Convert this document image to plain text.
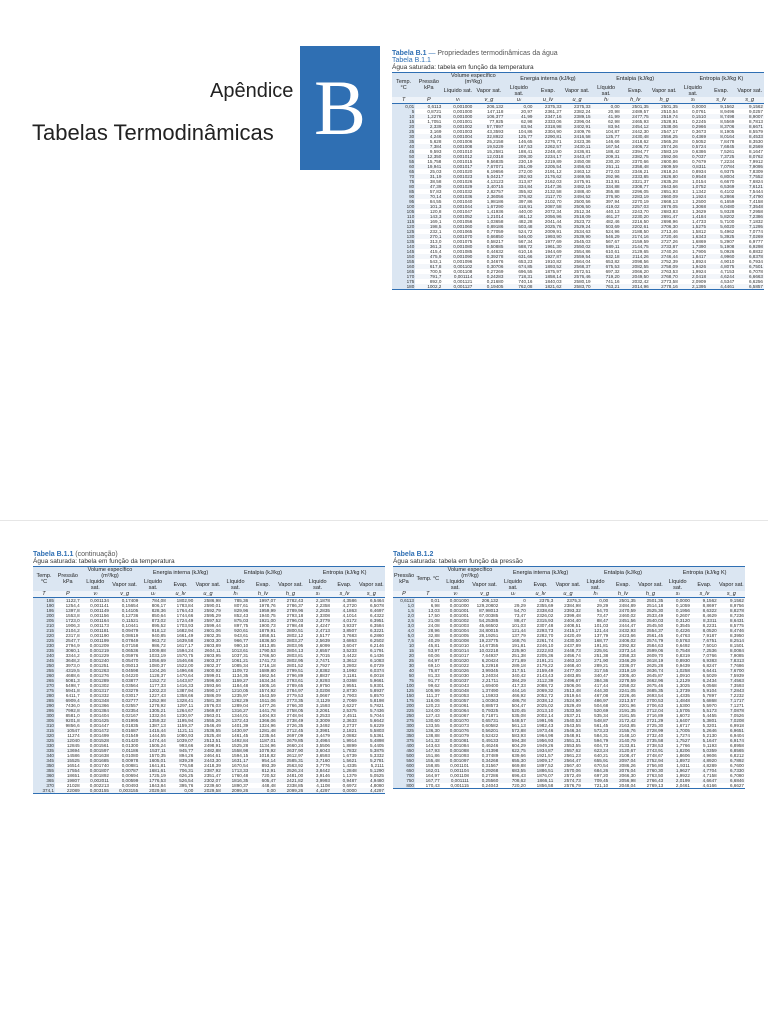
Apêndice B
Tabelas Termodinâmicas
Tabela B.1 — Propriedades termodinâmicas da água
Tabela B.1.1
Água saturada: tabela em função da temperatura
Temp. °C	Pressão kPa	Volume específico (m³/kg)		Energia interna (kJ/kg)			Entalpia (kJ/kg)			Entropia (kJ/kg K)		
		Líquido sat.	Vapor sat.	Líquido sat.	Evap.	Vapor sat.	Líquido sat.	Evap.	Vapor sat.	Líquido sat.	Evap.	Vapor sat.
T	P	vₗ	v_g	uₗ	u_lv	u_g	hₗ	h_lv	h_g	sₗ	s_lv	s_g
0,01	0,6113	0,001000	206,132	0,00	2375,33	2375,33	0,00	2501,35	2501,35	0,0000	9,1562	9,1562
5	0,8721	0,001000	147,118	20,97	2361,27	2382,24	20,98	2489,57	2510,54	0,0761	8,9496	9,0257
10	1,2276	0,001000	106,377	41,99	2347,16	2389,15	41,99	2477,75	2519,74	0,1510	8,7498	8,9007
15	1,7051	0,001001	77,925	62,98	2333,06	2396,04	62,98	2465,93	2528,91	0,2245	8,5569	8,7813
20	2,339	0,001002	57,7897	83,94	2318,98	2402,91	83,94	2454,12	2538,06	0,2966	8,3706	8,6671
25	3,169	0,001003	43,3593	104,86	2304,90	2409,76	104,87	2442,30	2547,17	0,3673	8,1905	8,5579
30	4,246	0,001004	32,8922	125,77	2290,81	2416,58	125,77	2430,48	2556,25	0,4369	8,0164	8,4533
35	5,628	0,001006	25,2158	146,65	2276,71	2423,36	146,66	2418,62	2565,28	0,5052	7,8478	8,3530
40	7,384	0,001008	19,5229	167,53	2262,57	2430,11	167,54	2406,72	2574,26	0,5724	7,6845	8,2569
45	9,593	0,001010	15,2581	188,41	2248,40	2436,81	188,42	2394,77	2583,19	0,6386	7,5261	8,1647
50	12,350	0,001012	12,0318	209,30	2234,17	2443,47	209,31	2382,75	2592,06	0,7037	7,3725	8,0762
55	15,758	0,001015	9,56835	230,19	2219,89	2450,08	230,20	2370,66	2600,86	0,7679	7,2234	7,9912
60	19,941	0,001017	7,67071	251,09	2205,54	2456,63	251,11	2358,48	2609,59	0,8311	7,0784	7,9095
65	25,03	0,001020	6,19656	272,00	2191,12	2463,12	272,03	2346,21	2618,24	0,8934	6,9375	7,8309
70	31,19	0,001023	5,04217	292,93	2176,62	2469,55	292,96	2333,85	2626,80	0,9548	6,8004	7,7552
75	38,58	0,001026	4,13123	313,87	2162,03	2475,91	313,91	2321,37	2635,28	1,0154	6,6670	7,6824
80	47,39	0,001029	3,40715	334,84	2147,36	2482,19	334,88	2308,77	2643,66	1,0752	6,5369	7,6121
85	57,83	0,001032	2,82757	355,82	2132,58	2488,40	355,88	2296,05	2651,93	1,1342	6,4102	7,5444
90	70,14	0,001036	2,36056	376,82	2117,70	2494,52	376,90	2283,19	2660,09	1,1924	6,2866	7,4790
95	84,55	0,001040	1,98186	397,86	2102,70	2500,56	397,94	2270,19	2668,13	1,2500	6,1659	7,4158
100	101,3	0,001044	1,67290	418,91	2087,58	2506,50	419,02	2257,03	2676,05	1,3068	6,0480	7,3548
105	120,8	0,001047	1,41936	440,00	2072,34	2512,34	440,13	2243,70	2683,83	1,3629	5,9328	7,2958
110	143,3	0,001052	1,21014	461,12	2056,96	2518,09	461,27	2230,20	2691,47	1,4184	5,8202	7,2386
115	169,1	0,001056	1,03658	482,28	2041,44	2523,72	482,46	2216,50	2698,96	1,4733	5,7100	7,1832
120	198,5	0,001060	0,89186	503,48	2025,76	2529,24	503,69	2202,61	2706,30	1,5275	5,6020	7,1295
125	232,1	0,001065	0,77059	524,72	2009,91	2534,63	524,96	2188,50	2713,46	1,5812	5,4962	7,0774
130	270,1	0,001070	0,66850	546,00	1993,90	2539,90	546,29	2174,16	2720,46	1,6343	5,3925	7,0269
135	313,0	0,001075	0,58217	567,34	1977,69	2545,03	567,67	2159,59	2727,26	1,6869	5,2907	6,9777
140	361,3	0,001080	0,50885	588,72	1961,30	2550,02	589,11	2144,75	2733,87	1,7390	5,1908	6,9298
145	415,4	0,001085	0,44632	610,16	1944,69	2554,86	610,61	2129,65	2740,26	1,7906	5,0926	6,8832
150	475,9	0,001090	0,39278	631,66	1927,87	2559,54	632,18	2114,26	2746,44	1,8417	4,9960	6,8378
155	543,1	0,001096	0,34676	653,23	1910,82	2564,04	653,82	2098,56	2752,39	1,8924	4,9010	6,7934
160	617,8	0,001102	0,30706	674,85	1893,52	2568,37	675,53	2082,55	2758,09	1,9426	4,8075	6,7501
165	700,5	0,001108	0,27269	696,55	1875,97	2572,51	697,32	2066,20	2763,53	1,9924	4,7153	6,7078
170	791,7	0,001114	0,24283	718,31	1858,14	2576,46	719,20	2049,50	2768,70	2,0418	4,6244	6,6663
175	892,0	0,001121	0,21680	740,16	1840,03	2580,19	741,16	2032,42	2773,58	2,0909	4,5347	6,6256
180	1002,2	0,001127	0,19405	762,08	1821,62	2583,70	763,21	2014,96	2778,16	2,1395	4,4461	6,5857
Tabela B.1.1 (continuação)
Água saturada: tabela em função da temperatura
Temp. °C	Pressão kPa	Volume específico (m³/kg)		Energia interna (kJ/kg)			Entalpia (kJ/kg)			Entropia (kJ/kg K)		
		Líquido sat.	Vapor sat.	Líquido sat.	Evap.	Vapor sat.	Líquido sat.	Evap.	Vapor sat.	Líquido sat.	Evap.	Vapor sat.
T	P	vₗ	v_g	uₗ	u_lv	u_g	hₗ	h_lv	h_g	sₗ	s_lv	s_g
185	1122,7	0,001134	0,17409	784,08	1802,90	2586,98	785,36	1997,07	2782,43	2,1878	4,3586	6,5464
190	1254,4	0,001141	0,15654	806,17	1783,84	2590,01	807,61	1978,76	2786,37	2,2358	4,2720	6,5078
195	1397,8	0,001149	0,14105	828,36	1764,43	2592,79	829,96	1959,99	2789,96	2,2835	4,1863	6,4697
200	1553,8	0,001156	0,12736	850,64	1744,66	2595,29	852,43	1940,75	2793,18	2,3308	4,1014	6,4322
205	1723,0	0,001164	0,11521	873,02	1724,49	2597,52	875,03	1921,00	2796,03	2,3779	4,0172	6,3951
210	1906,3	0,001173	0,10441	895,52	1703,93	2599,44	897,75	1900,73	2798,48	2,4247	3,9337	6,3584
215	2104,2	0,001181	0,09479	918,12	1682,94	2601,06	920,61	1879,91	2800,51	2,4713	3,8507	6,3221
220	2317,8	0,001190	0,08619	940,85	1661,49	2602,35	943,61	1858,51	2802,12	2,5177	3,7683	6,2860
225	2547,7	0,001199	0,07849	963,72	1639,58	2603,30	966,77	1836,50	2803,27	2,5639	3,6863	6,2502
230	2794,9	0,001209	0,07158	986,72	1617,17	2603,89	990,10	1813,85	2803,95	2,6099	3,6047	6,2146
235	3060,1	0,001219	0,06536	1009,88	1594,24	2604,11	1013,61	1790,53	2804,13	2,6557	3,5233	6,1791
240	3344,2	0,001229	0,05976	1033,19	1570,75	2603,95	1037,31	1766,50	2803,81	2,7015	3,4422	6,1436
245	3648,2	0,001240	0,05470	1056,69	1546,66	2603,37	1061,21	1741,73	2802,95	2,7471	3,3612	6,1083
250	3973,0	0,001251	0,05013	1080,37	1522,00	2602,37	1085,34	1716,18	2801,52	2,7927	3,2802	6,0729
255	4319,5	0,001263	0,04598	1104,26	1496,66	2600,92	1109,72	1689,80	2799,51	2,8382	3,1992	6,0374
260	4688,6	0,001276	0,04220	1128,37	1470,64	2599,01	1134,35	1662,54	2796,89	2,8837	3,1181	6,0018
265	5081,3	0,001289	0,03877	1152,72	1443,87	2596,60	1159,27	1634,34	2793,61	2,9293	3,0368	5,9661
270	5498,7	0,001302	0,03564	1177,33	1416,33	2593,66	1184,48	1605,16	2789,65	2,9750	2,9551	5,9301
275	5941,8	0,001317	0,03279	1202,23	1387,94	2590,17	1210,05	1574,92	2784,97	3,0208	2,8730	5,8937
280	6411,7	0,001332	0,03017	1227,43	1358,66	2586,09	1235,97	1543,59	2779,53	3,0667	2,7903	5,8570
285	6909,4	0,001348	0,02777	1252,98	1328,41	2581,38	1262,29	1511,06	2773,35	3,1129	2,7069	5,8198
290	7436,0	0,001366	0,02557	1278,92	1297,11	2576,03	1289,04	1477,26	2766,30	3,1593	2,6227	5,7821
295	7992,8	0,001384	0,02354	1305,21	1264,67	2569,87	1316,27	1441,78	2758,05	3,2061	2,5375	5,7436
300	8581,0	0,001404	0,02167	1332,04	1230,97	2563,01	1344,01	1404,93	2748,94	3,2533	2,4511	5,7044
305	9201,8	0,001425	0,01995	1359,32	1195,94	2555,26	1372,43	1366,06	2738,49	3,3009	2,3633	5,6642
310	9856,6	0,001447	0,01835	1387,13	1159,37	2546,49	1401,39	1324,96	2726,35	3,3492	2,2737	5,6229
315	10547	0,001472	0,01687	1415,44	1121,11	2536,55	1430,97	1281,48	2712,45	3,3981	2,1821	5,5803
320	11274	0,001499	0,01549	1444,55	1080,93	2525,48	1461,45	1235,64	2697,09	3,4479	2,0882	5,5361
325	12040	0,001528	0,01420	1474,44	1039,07	2513,51	1492,84	1187,01	2679,85	3,4984	1,9914	5,4898
330	12845	0,001561	0,01300	1505,24	993,66	2498,91	1525,28	1134,96	2660,24	3,5506	1,8899	5,4405
335	13694	0,001597	0,01186	1537,11	945,77	2482,88	1558,98	1078,92	2637,90	3,6043	1,7832	5,3875
340	14586	0,001638	0,01080	1570,35	894,26	2464,61	1594,15	1018,82	2612,97	3,6593	1,6739	5,3332
345	15525	0,001685	0,00978	1605,01	839,29	2443,30	1631,17	954,14	2585,31	3,7160	1,5621	5,2781
350	16514	0,001740	0,00881	1641,81	776,58	2418,39	1670,54	893,39	2563,92	3,7776	1,4335	5,2111
355	17554	0,001807	0,00787	1681,61	706,31	2387,92	1713,33	812,91	2526,24	3,8442	1,2848	5,1290
360	18651	0,001892	0,00694	1725,19	626,25	2351,47	1760,48	720,52	2481,00	3,9146	1,1379	5,0525
365	19807	0,002011	0,00599	1776,53	526,54	2302,07	1816,35	605,47	2421,82	3,9993	0,9487	4,9480
370	21028	0,002213	0,00493	1843,84	395,76	2239,60	1890,37	448,48	2338,85	4,1108	0,6972	4,8080
374,1	22089	0,003155	0,003155	2029,58	0,00	2029,58	2099,26	0,00	2099,26	4,4297	0,0000	4,4297
Tabela B.1.2
Água saturada: tabela em função da pressão
Pressão kPa	Temp. °C	Volume específico (m³/kg)		Energia interna (kJ/kg)			Entalpia (kJ/kg)			Entropia (kJ/kg K)		
		Líquido sat.	Vapor sat.	Líquido sat.	Evap.	Vapor sat.	Líquido sat.	Evap.	Vapor sat.	Líquido sat.	Evap.	Vapor sat.
P	T	vₗ	v_g	uₗ	u_lv	u_g	hₗ	h_lv	h_g	sₗ	s_lv	s_g
0,6113	0,01	0,001000	206,132	0	2375,3	2375,3	0,00	2501,35	2501,35	0,0000	9,1562	9,1562
1,0	6,98	0,001000	129,20802	29,29	2355,69	2384,98	29,29	2484,89	2514,18	0,1059	8,8697	8,9756
1,5	13,03	0,001001	87,98013	54,70	2338,63	2393,32	54,70	2470,59	2525,30	0,1956	8,6322	8,8278
2,0	17,50	0,001001	67,00385	73,47	2326,02	2399,48	73,47	2460,02	2533,49	0,2607	8,4629	8,7236
2,5	21,08	0,001002	54,25385	88,47	2315,93	2404,40	88,47	2451,56	2540,03	0,3120	8,3311	8,6431
3,0	24,08	0,001003	45,66502	101,03	2307,48	2408,51	101,03	2444,47	2545,50	0,3545	8,2231	8,5775
4,0	28,96	0,001004	34,80015	121,44	2293,73	2415,17	121,44	2432,93	2554,37	0,4226	8,0520	8,4746
5,0	32,88	0,001005	28,19251	137,79	2282,70	2420,49	137,79	2423,66	2561,45	0,4763	7,9187	8,3950
7,5	40,29	0,001008	19,23775	168,76	2261,74	2430,50	168,77	2406,02	2574,79	0,5763	7,6751	8,2514
10	45,81	0,001010	14,67355	191,81	2246,10	2437,89	191,81	2392,82	2584,63	0,6492	7,5010	8,1501
15	53,97	0,001014	10,02218	225,90	2222,83	2448,73	225,91	2373,14	2599,06	0,7548	7,2536	8,0084
20	60,06	0,001017	7,64937	251,38	2205,36	2456,74	251,38	2358,33	2609,70	0,8319	7,0766	7,9085
25	64,97	0,001020	6,20424	271,89	2191,21	2463,10	271,90	2346,29	2618,19	0,8930	6,9383	7,8313
30	69,10	0,001022	5,22918	289,18	2179,22	2468,40	289,21	2336,07	2625,28	0,9439	6,8247	7,7686
40	75,87	0,001026	3,99345	317,51	2159,49	2477,00	317,55	2319,19	2636,74	1,0258	6,6441	7,6700
50	81,33	0,001030	3,24034	340,42	2143,43	2483,85	340,47	2305,40	2645,87	1,0910	6,5029	7,5939
75	91,77	0,001037	2,21711	384,29	2112,39	2496,67	384,36	2278,59	2662,96	1,2129	6,2434	7,4563
100	99,62	0,001043	1,69400	417,33	2088,72	2506,06	417,44	2258,02	2675,46	1,3025	6,0568	7,3593
125	105,99	0,001048	1,37490	444,16	2069,32	2513,48	444,30	2241,05	2685,35	1,3739	5,9104	7,2843
150	111,37	0,001053	1,15933	466,92	2052,72	2519,64	467,08	2226,46	2693,54	1,4335	5,7897	7,2232
175	116,06	0,001057	1,00363	486,78	2038,12	2524,90	486,97	2213,57	2700,53	1,4848	5,6868	7,1717
200	120,23	0,001061	0,88573	504,47	2025,02	2529,49	504,68	2201,96	2706,63	1,5300	5,5970	7,1271
225	124,00	0,001064	0,79325	520,45	2013,10	2533,56	520,69	2191,35	2712,04	1,5705	5,5173	7,0878
250	127,43	0,001067	0,71871	535,08	2002,14	2537,21	535,34	2181,55	2716,89	1,6072	5,4455	7,0526
275	130,60	0,001070	0,65731	548,57	1991,95	2540,53	548,87	2172,42	2721,29	1,6407	5,3801	7,0208
300	133,55	0,001073	0,60582	561,13	1982,43	2543,55	561,45	2163,85	2725,30	1,6717	5,3201	6,9918
325	136,30	0,001076	0,56201	572,88	1973,46	2546,34	573,23	2155,76	2728,99	1,7005	5,2646	6,9651
350	138,88	0,001079	0,52422	583,93	1964,98	2548,91	584,31	2148,10	2732,40	1,7274	5,2130	6,9404
375	141,32	0,001081	0,49133	594,38	1956,93	2551,31	594,79	2140,79	2735,58	1,7527	5,1647	6,9174
400	143,63	0,001084	0,46246	604,29	1949,26	2553,55	604,73	2133,81	2738,53	1,7766	5,1193	6,8958
450	147,93	0,001088	0,41398	622,75	1934,87	2557,62	623,24	2120,67	2743,91	1,8206	5,0359	6,8565
500	151,86	0,001093	0,37489	639,66	1921,57	2561,23	640,21	2108,47	2748,67	1,8606	4,9606	6,8212
550	155,48	0,001097	0,34268	655,30	1909,17	2564,47	655,91	2097,04	2752,94	1,8972	4,8920	6,7892
600	158,85	0,001101	0,31567	669,88	1897,52	2567,40	670,54	2086,26	2756,80	1,9311	4,8289	6,7600
650	162,01	0,001104	0,29268	683,55	1886,51	2570,06	684,26	2076,04	2760,30	1,9627	4,7704	6,7330
700	164,97	0,001108	0,27286	696,43	1876,07	2572,49	697,20	2066,30	2763,50	1,9922	4,7158	6,7080
750	167,77	0,001111	0,25560	708,62	1866,11	2574,73	709,45	2056,98	2766,43	2,0199	4,6647	6,6846
800	170,43	0,001115	0,24043	720,20	1856,58	2576,79	721,10	2048,04	2769,13	2,0461	4,6166	6,6627
